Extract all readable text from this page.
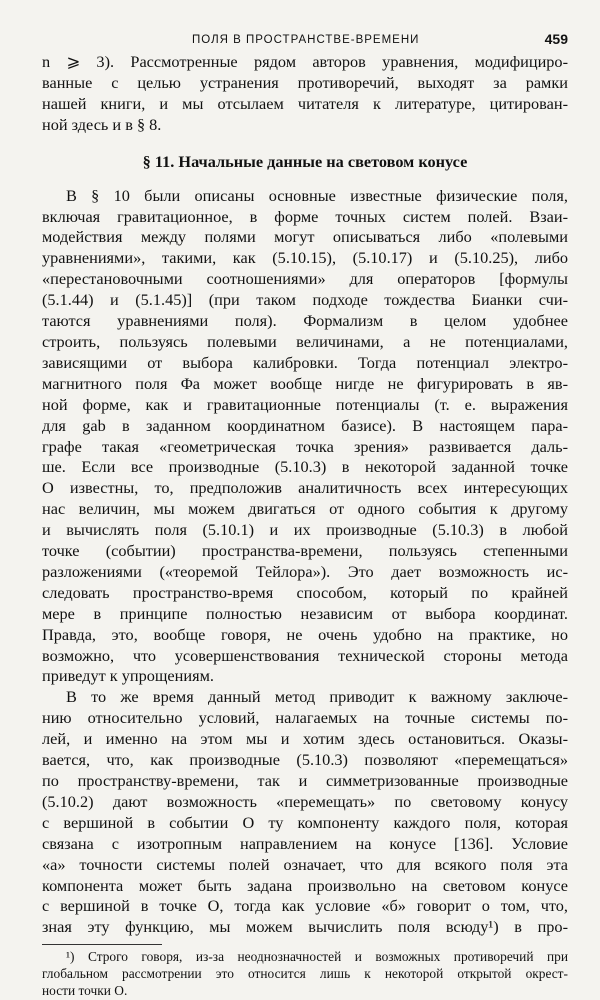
ПОЛЯ В ПРОСТРАНСТВЕ-ВРЕМЕНИ	459

n ⩾ 3). Рассмотренные рядом авторов уравнения, модифициро-
ванные с целью устранения противоречий, выходят за рамки
нашей книги, и мы отсылаем читателя к литературе, цитирован-
ной здесь и в § 8.

§ 11. Начальные данные на световом конусе

В § 10 были описаны основные известные физические поля,
включая гравитационное, в форме точных систем полей. Взаи-
модействия между полями могут описываться либо «полевыми
уравнениями», такими, как (5.10.15), (5.10.17) и (5.10.25), либо
«перестановочными соотношениями» для операторов [формулы
(5.1.44) и (5.1.45)] (при таком подходе тождества Бианки счи-
таются уравнениями поля). Формализм в целом удобнее
строить, пользуясь полевыми величинами, а не потенциалами,
зависящими от выбора калибровки. Тогда потенциал электро-
магнитного поля Φa может вообще нигде не фигурировать в яв-
ной форме, как и гравитационные потенциалы (т. е. выражения
для gab в заданном координатном базисе). В настоящем пара-
графе такая «геометрическая точка зрения» развивается даль-
ше. Если все производные (5.10.3) в некоторой заданной точке
O известны, то, предположив аналитичность всех интересующих
нас величин, мы можем двигаться от одного события к другому
и вычислять поля (5.10.1) и их производные (5.10.3) в любой
точке (событии) пространства-времени, пользуясь степенными
разложениями («теоремой Тейлора»). Это дает возможность ис-
следовать пространство-время способом, который по крайней
мере в принципе полностью независим от выбора координат.
Правда, это, вообще говоря, не очень удобно на практике, но
возможно, что усовершенствования технической стороны метода
приведут к упрощениям.

В то же время данный метод приводит к важному заключе-
нию относительно условий, налагаемых на точные системы по-
лей, и именно на этом мы и хотим здесь остановиться. Оказы-
вается, что, как производные (5.10.3) позволяют «перемещаться»
по пространству-времени, так и симметризованные производные
(5.10.2) дают возможность «перемещать» по световому конусу
с вершиной в событии O ту компоненту каждого поля, которая
связана с изотропным направлением на конусе [136]. Условие
«а» точности системы полей означает, что для всякого поля эта
компонента может быть задана произвольно на световом конусе
с вершиной в точке O, тогда как условие «б» говорит о том, что,
зная эту функцию, мы можем вычислить поля всюду¹) в про-

¹) Строго говоря, из-за неоднозначностей и возможных противоречий при
глобальном рассмотрении это относится лишь к некоторой открытой окрест-
ности точки O.
